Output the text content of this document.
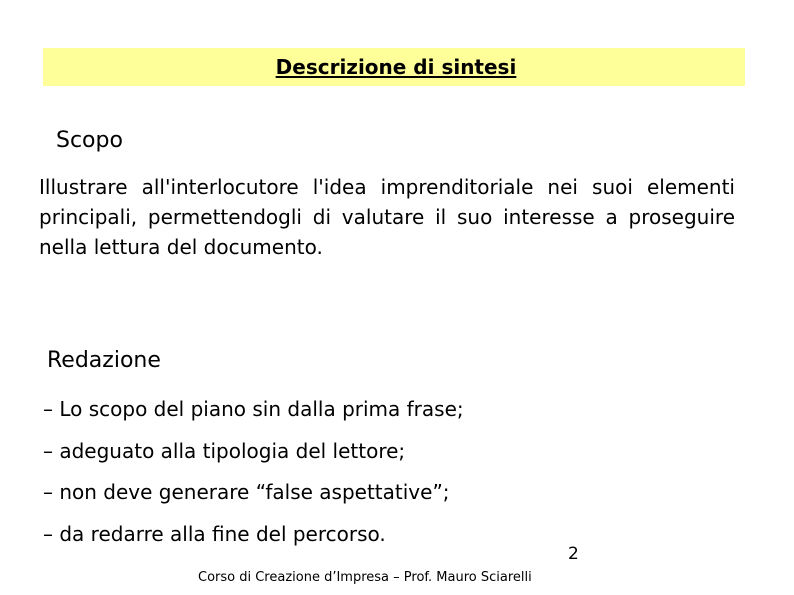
Descrizione di sintesi
Scopo
Illustrare all'interlocutore l'idea imprenditoriale nei suoi elementi principali, permettendogli di valutare il suo interesse a proseguire nella lettura del documento.
Redazione
– Lo scopo del piano sin dalla prima frase;
– adeguato alla tipologia del lettore;
– non deve generare “false aspettative”;
– da redarre alla fine del percorso.
2
Corso di Creazione d’Impresa – Prof. Mauro Sciarelli
